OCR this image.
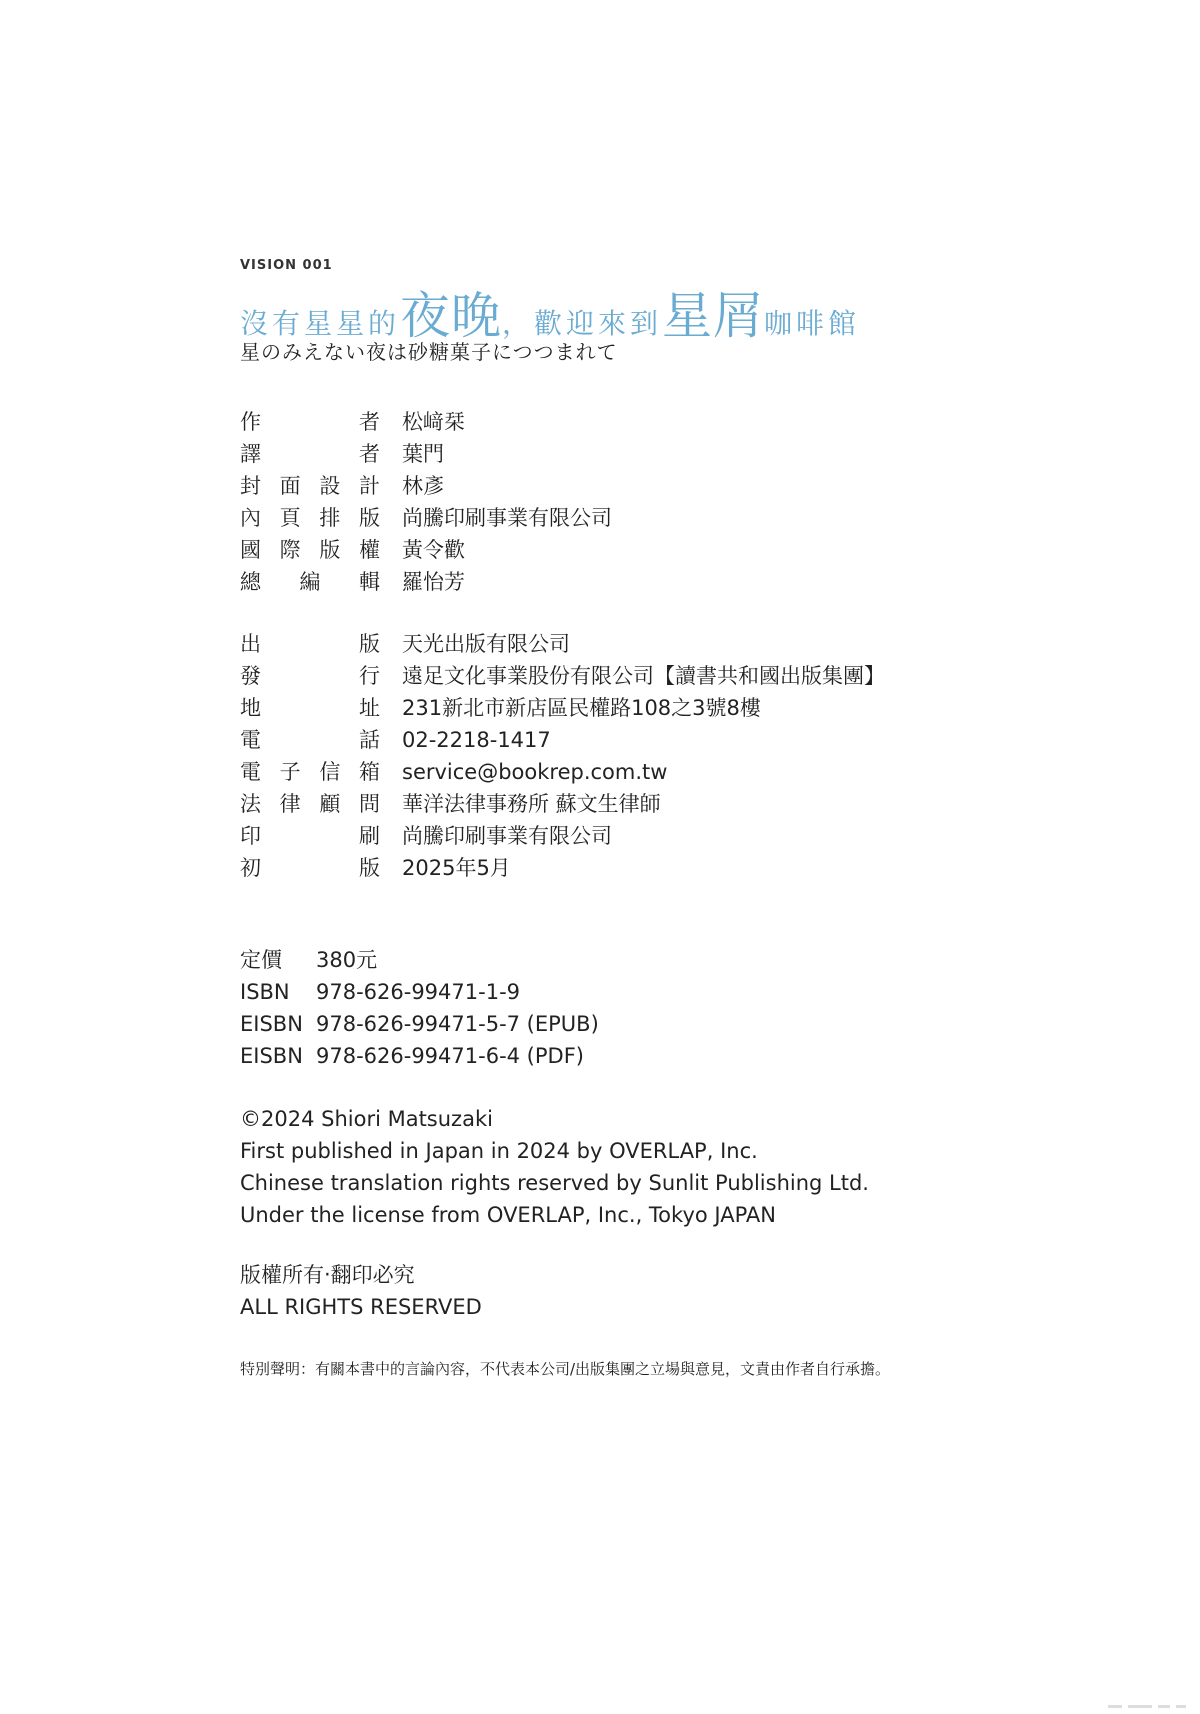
VISION 001
沒有星星的夜晚，歡迎來到星屑咖啡館
星のみえない夜は砂糖菓子につつまれて
作者 松﨑栞
譯者 葉門
封面設計 林彥
內頁排版 尚騰印刷事業有限公司
國際版權 黃令歡
總編輯 羅怡芳
出版 天光出版有限公司
發行 遠足文化事業股份有限公司【讀書共和國出版集團】
地址 231新北市新店區民權路108之3號8樓
電話 02-2218-1417
電子信箱 service@bookrep.com.tw
法律顧問 華洋法律事務所 蘇文生律師
印刷 尚騰印刷事業有限公司
初版 2025年5月
定價 380元
ISBN 978-626-99471-1-9
EISBN 978-626-99471-5-7 (EPUB)
EISBN 978-626-99471-6-4 (PDF)
©2024 Shiori Matsuzaki
First published in Japan in 2024 by OVERLAP, Inc.
Chinese translation rights reserved by Sunlit Publishing Ltd.
Under the license from OVERLAP, Inc., Tokyo JAPAN
版權所有‧翻印必究
ALL RIGHTS RESERVED
特別聲明：有關本書中的言論內容，不代表本公司/出版集團之立場與意見，文責由作者自行承擔。
